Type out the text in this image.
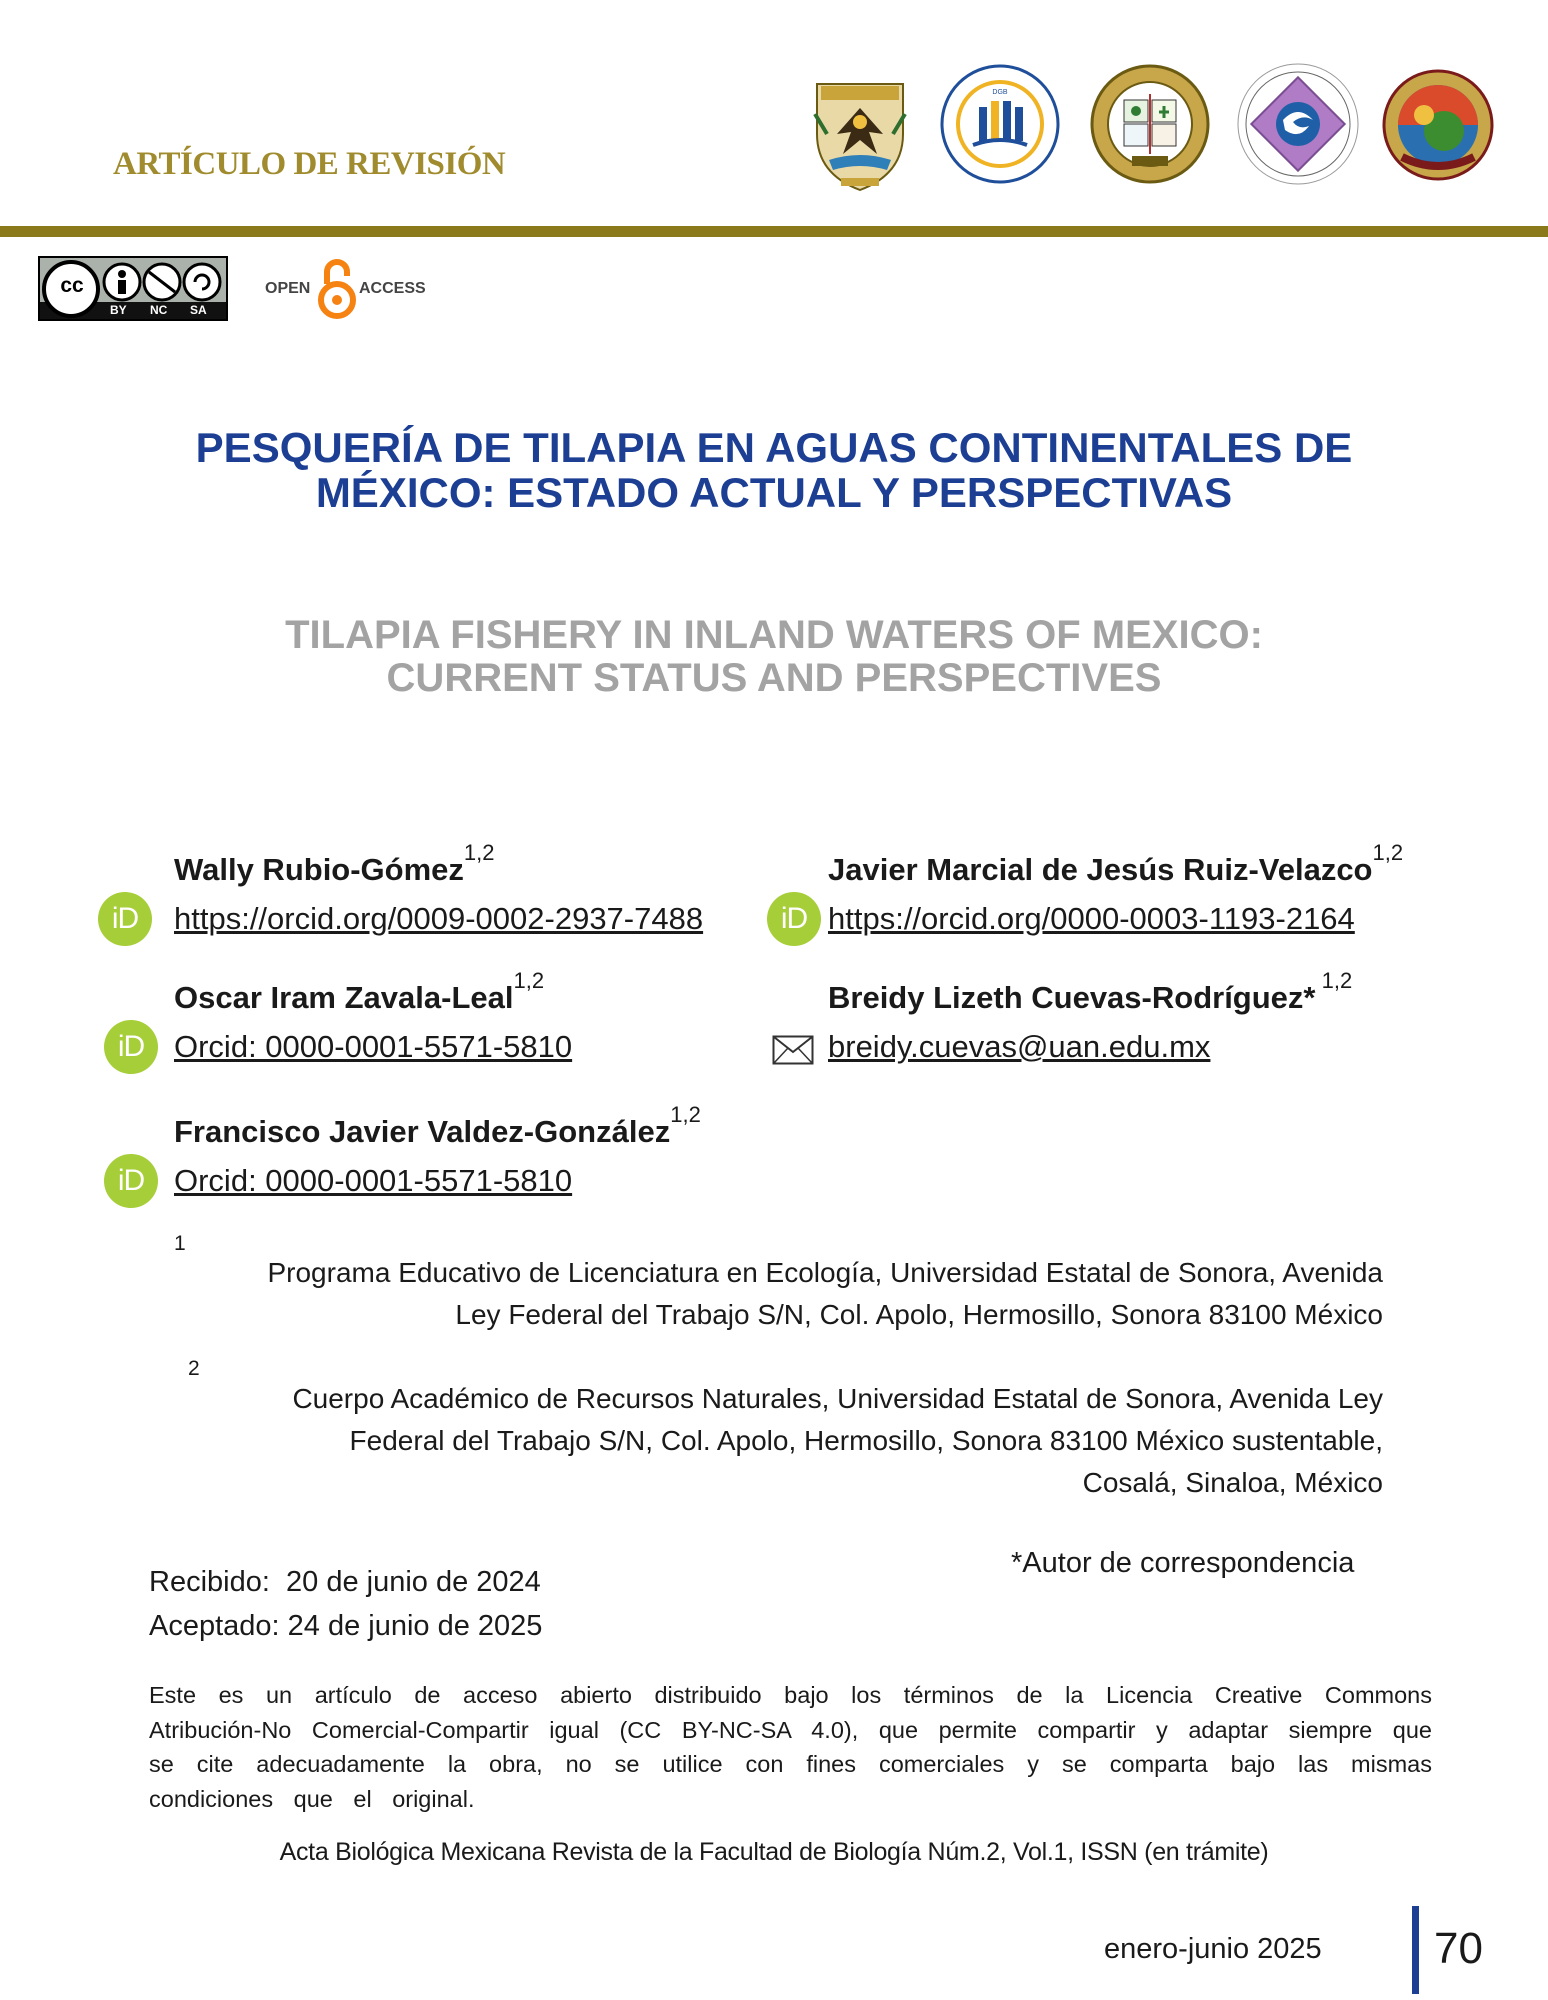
ARTÍCULO DE REVISIÓN
DGB
cc
BY NC SA
OPEN	ACCESS
PESQUERÍA DE TILAPIA EN AGUAS CONTINENTALES DE
MÉXICO: ESTADO ACTUAL Y PERSPECTIVAS
TILAPIA FISHERY IN INLAND WATERS OF MEXICO:
CURRENT STATUS AND PERSPECTIVES
Wally Rubio-Gómez$^{1,2}$
iD	https://orcid.org/0009-0002-2937-7488
Javier Marcial de Jesús Ruiz-Velazco$^{1,2}$
iD https://orcid.org/0000-0003-1193-2164
Oscar Iram Zavala-Leal$^{1,2}$
iD Orcid: 0000-0001-5571-5810
Breidy Lizeth Cuevas-Rodríguez* $^{1,2}$
breidy.cuevas@uan.edu.mx
Francisco Javier Valdez-González$^{1,2}$
iD Orcid: 0000-0001-5571-5810
1
Programa Educativo de Licenciatura en Ecología, Universidad Estatal de Sonora, Avenida
Ley Federal del Trabajo S/N, Col. Apolo, Hermosillo, Sonora 83100 México
2
Cuerpo Académico de Recursos Naturales, Universidad Estatal de Sonora, Avenida Ley
Federal del Trabajo S/N, Col. Apolo, Hermosillo, Sonora 83100 México sustentable,
Cosalá, Sinaloa, México
*Autor de correspondencia
Recibido:  20 de junio de 2024
Aceptado: 24 de junio de 2025

Este es un artículo de acceso abierto distribuido bajo los términos de la Licencia Creative Commons Atribución-No Comercial-Compartir igual (CC BY-NC-SA 4.0), que permite compartir y adaptar siempre que se cite adecuadamente la obra, no se utilice con fines comerciales y se comparta bajo las mismas condiciones que el original.

Acta Biológica Mexicana Revista de la Facultad de Biología Núm.2, Vol.1, ISSN (en trámite)
enero-junio 2025	70
